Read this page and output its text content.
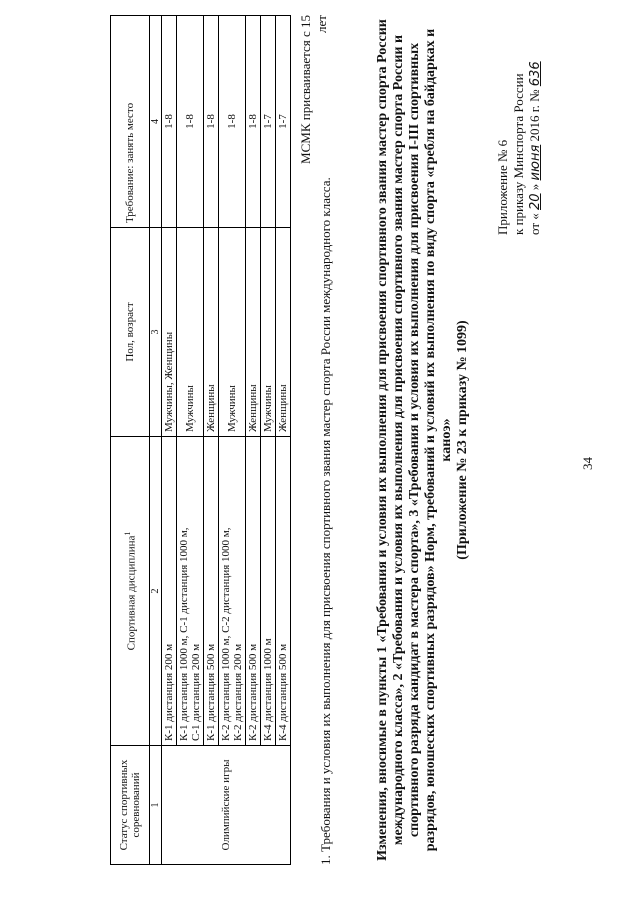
34
Приложение № 6 к приказу Минспорта России от « 20 » июня 2016 г. № 636
Изменения, вносимые в пункты 1 «Требования и условия их выполнения для присвоения спортивного звания мастер спорта России международного класса», 2 «Требования и условия их выполнения для присвоения спортивного звания мастер спорта России и спортивного разряда кандидат в мастера спорта», 3 «Требования и условия их выполнения для присвоения I-III спортивных разрядов, юношеских спортивных разрядов» Норм, требований и условий их выполнения по виду спорта «гребля на байдарках и каноэ» (Приложение № 23 к приказу № 1099)
МСМК присваивается с 15 лет
1. Требования и условия их выполнения для присвоения спортивного звания мастер спорта России международного класса.
Статус спортивных соревнований	Спортивная дисциплина$^1$	Пол, возраст	Требование: занять место
1	2	3	4
Олимпийские игры	К-1 дистанция 200 м	Мужчины, Женщины	1-8

	К-1 дистанция 1000 м, С-1 дистанция 1000 м, С-1 дистанция 200 м	Мужчины	1-8

	К-1 дистанция 500 м	Женщины	1-8

	К-2 дистанция 1000 м, С-2 дистанция 1000 м, К-2 дистанция 200 м	Мужчины	1-8

	К-2 дистанция 500 м	Женщины	1-8

	К-4 дистанция 1000 м	Мужчины	1-7

	К-4 дистанция 500 м	Женщины	1-7
